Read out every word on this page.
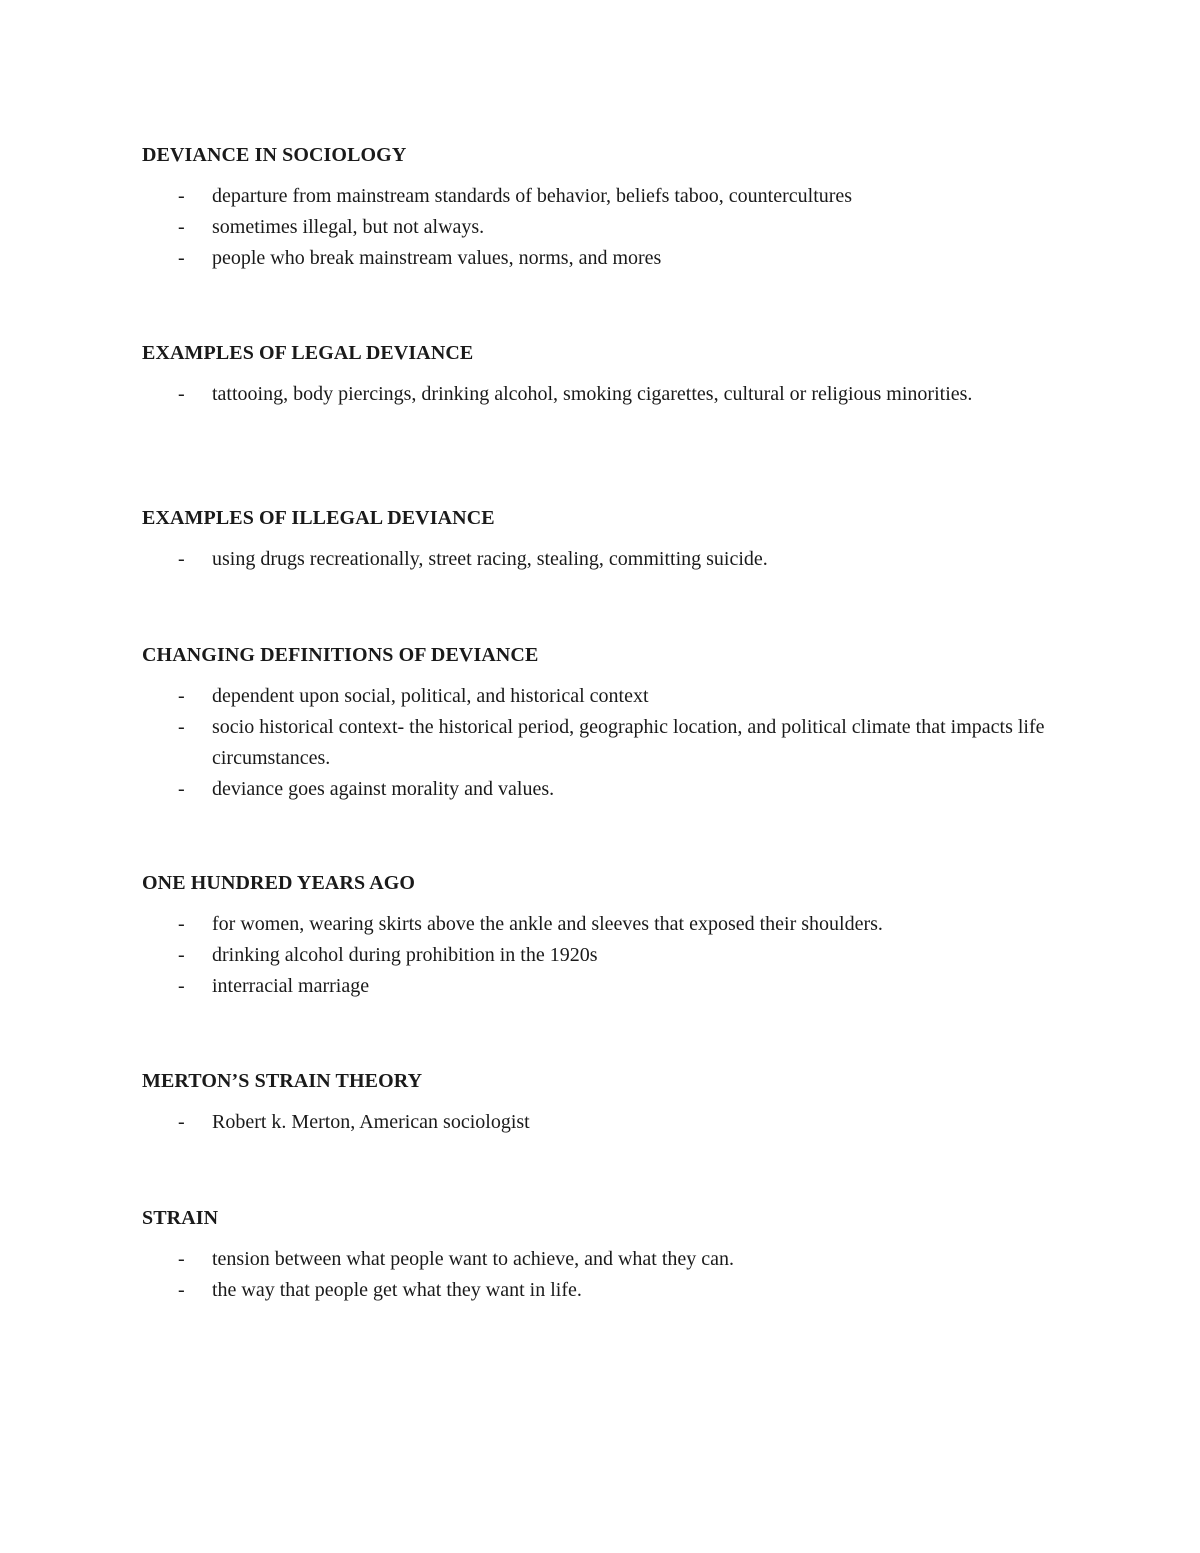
DEVIANCE IN SOCIOLOGY
- departure from mainstream standards of behavior, beliefs taboo, countercultures
- sometimes illegal, but not always.
- people who break mainstream values, norms, and mores
EXAMPLES OF LEGAL DEVIANCE
- tattooing, body piercings, drinking alcohol, smoking cigarettes, cultural or religious minorities.
EXAMPLES OF ILLEGAL DEVIANCE
- using drugs recreationally, street racing, stealing, committing suicide.
CHANGING DEFINITIONS OF DEVIANCE
- dependent upon social, political, and historical context
- socio historical context- the historical period, geographic location, and political climate that impacts life circumstances.
- deviance goes against morality and values.
ONE HUNDRED YEARS AGO
- for women, wearing skirts above the ankle and sleeves that exposed their shoulders.
- drinking alcohol during prohibition in the 1920s
- interracial marriage
MERTON’S STRAIN THEORY
- Robert k. Merton, American sociologist
STRAIN
- tension between what people want to achieve, and what they can.
- the way that people get what they want in life.
